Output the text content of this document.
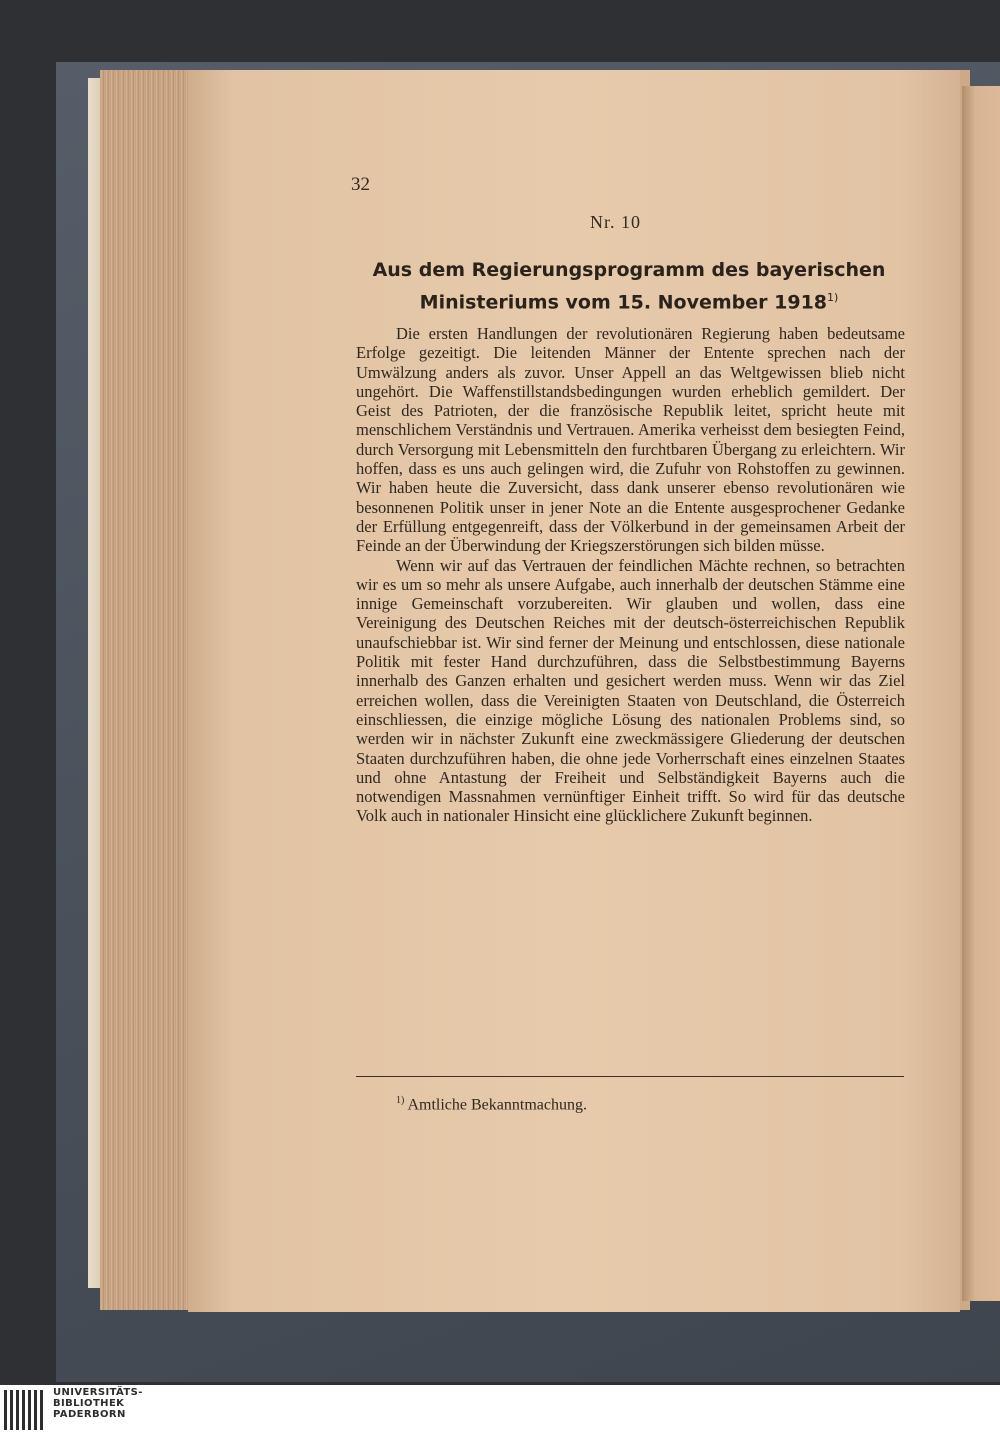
32
Nr. 10
Aus dem Regierungsprogramm des bayerischen
Ministeriums vom 15. November 1918$^{1)}$

Die ersten Handlungen der revolutionären Regierung haben bedeutsame Erfolge gezeitigt. Die leitenden Männer der Entente sprechen nach der Umwälzung anders als zuvor. Unser Appell an das Weltgewissen blieb nicht ungehört. Die Waffenstillstandsbedingungen wurden erheblich gemildert. Der Geist des Patrioten, der die französische Republik leitet, spricht heute mit menschlichem Verständnis und Vertrauen. Amerika verheisst dem besiegten Feind, durch Versorgung mit Lebensmitteln den furchtbaren Übergang zu erleichtern. Wir hoffen, dass es uns auch gelingen wird, die Zufuhr von Rohstoffen zu gewinnen. Wir haben heute die Zuversicht, dass dank unserer ebenso revolutionären wie besonnenen Politik unser in jener Note an die Entente ausgesprochener Gedanke der Erfüllung entgegenreift, dass der Völkerbund in der gemeinsamen Arbeit der Feinde an der Überwindung der Kriegszerstörungen sich bilden müsse.

Wenn wir auf das Vertrauen der feindlichen Mächte rechnen, so betrachten wir es um so mehr als unsere Aufgabe, auch innerhalb der deutschen Stämme eine innige Gemeinschaft vorzubereiten. Wir glauben und wollen, dass eine Vereinigung des Deutschen Reiches mit der deutsch-österreichischen Republik unaufschiebbar ist. Wir sind ferner der Meinung und entschlossen, diese nationale Politik mit fester Hand durchzuführen, dass die Selbstbestimmung Bayerns innerhalb des Ganzen erhalten und gesichert werden muss. Wenn wir das Ziel erreichen wollen, dass die Vereinigten Staaten von Deutschland, die Österreich einschliessen, die einzige mögliche Lösung des nationalen Problems sind, so werden wir in nächster Zukunft eine zweckmässigere Gliederung der deutschen Staaten durchzuführen haben, die ohne jede Vorherrschaft eines einzelnen Staates und ohne Antastung der Freiheit und Selbständigkeit Bayerns auch die notwendigen Massnahmen vernünftiger Einheit trifft. So wird für das deutsche Volk auch in nationaler Hinsicht eine glücklichere Zukunft beginnen.

$^{1)}$ Amtliche Bekanntmachung.
UNIVERSITÄTS-
BIBLIOTHEK
PADERBORN
